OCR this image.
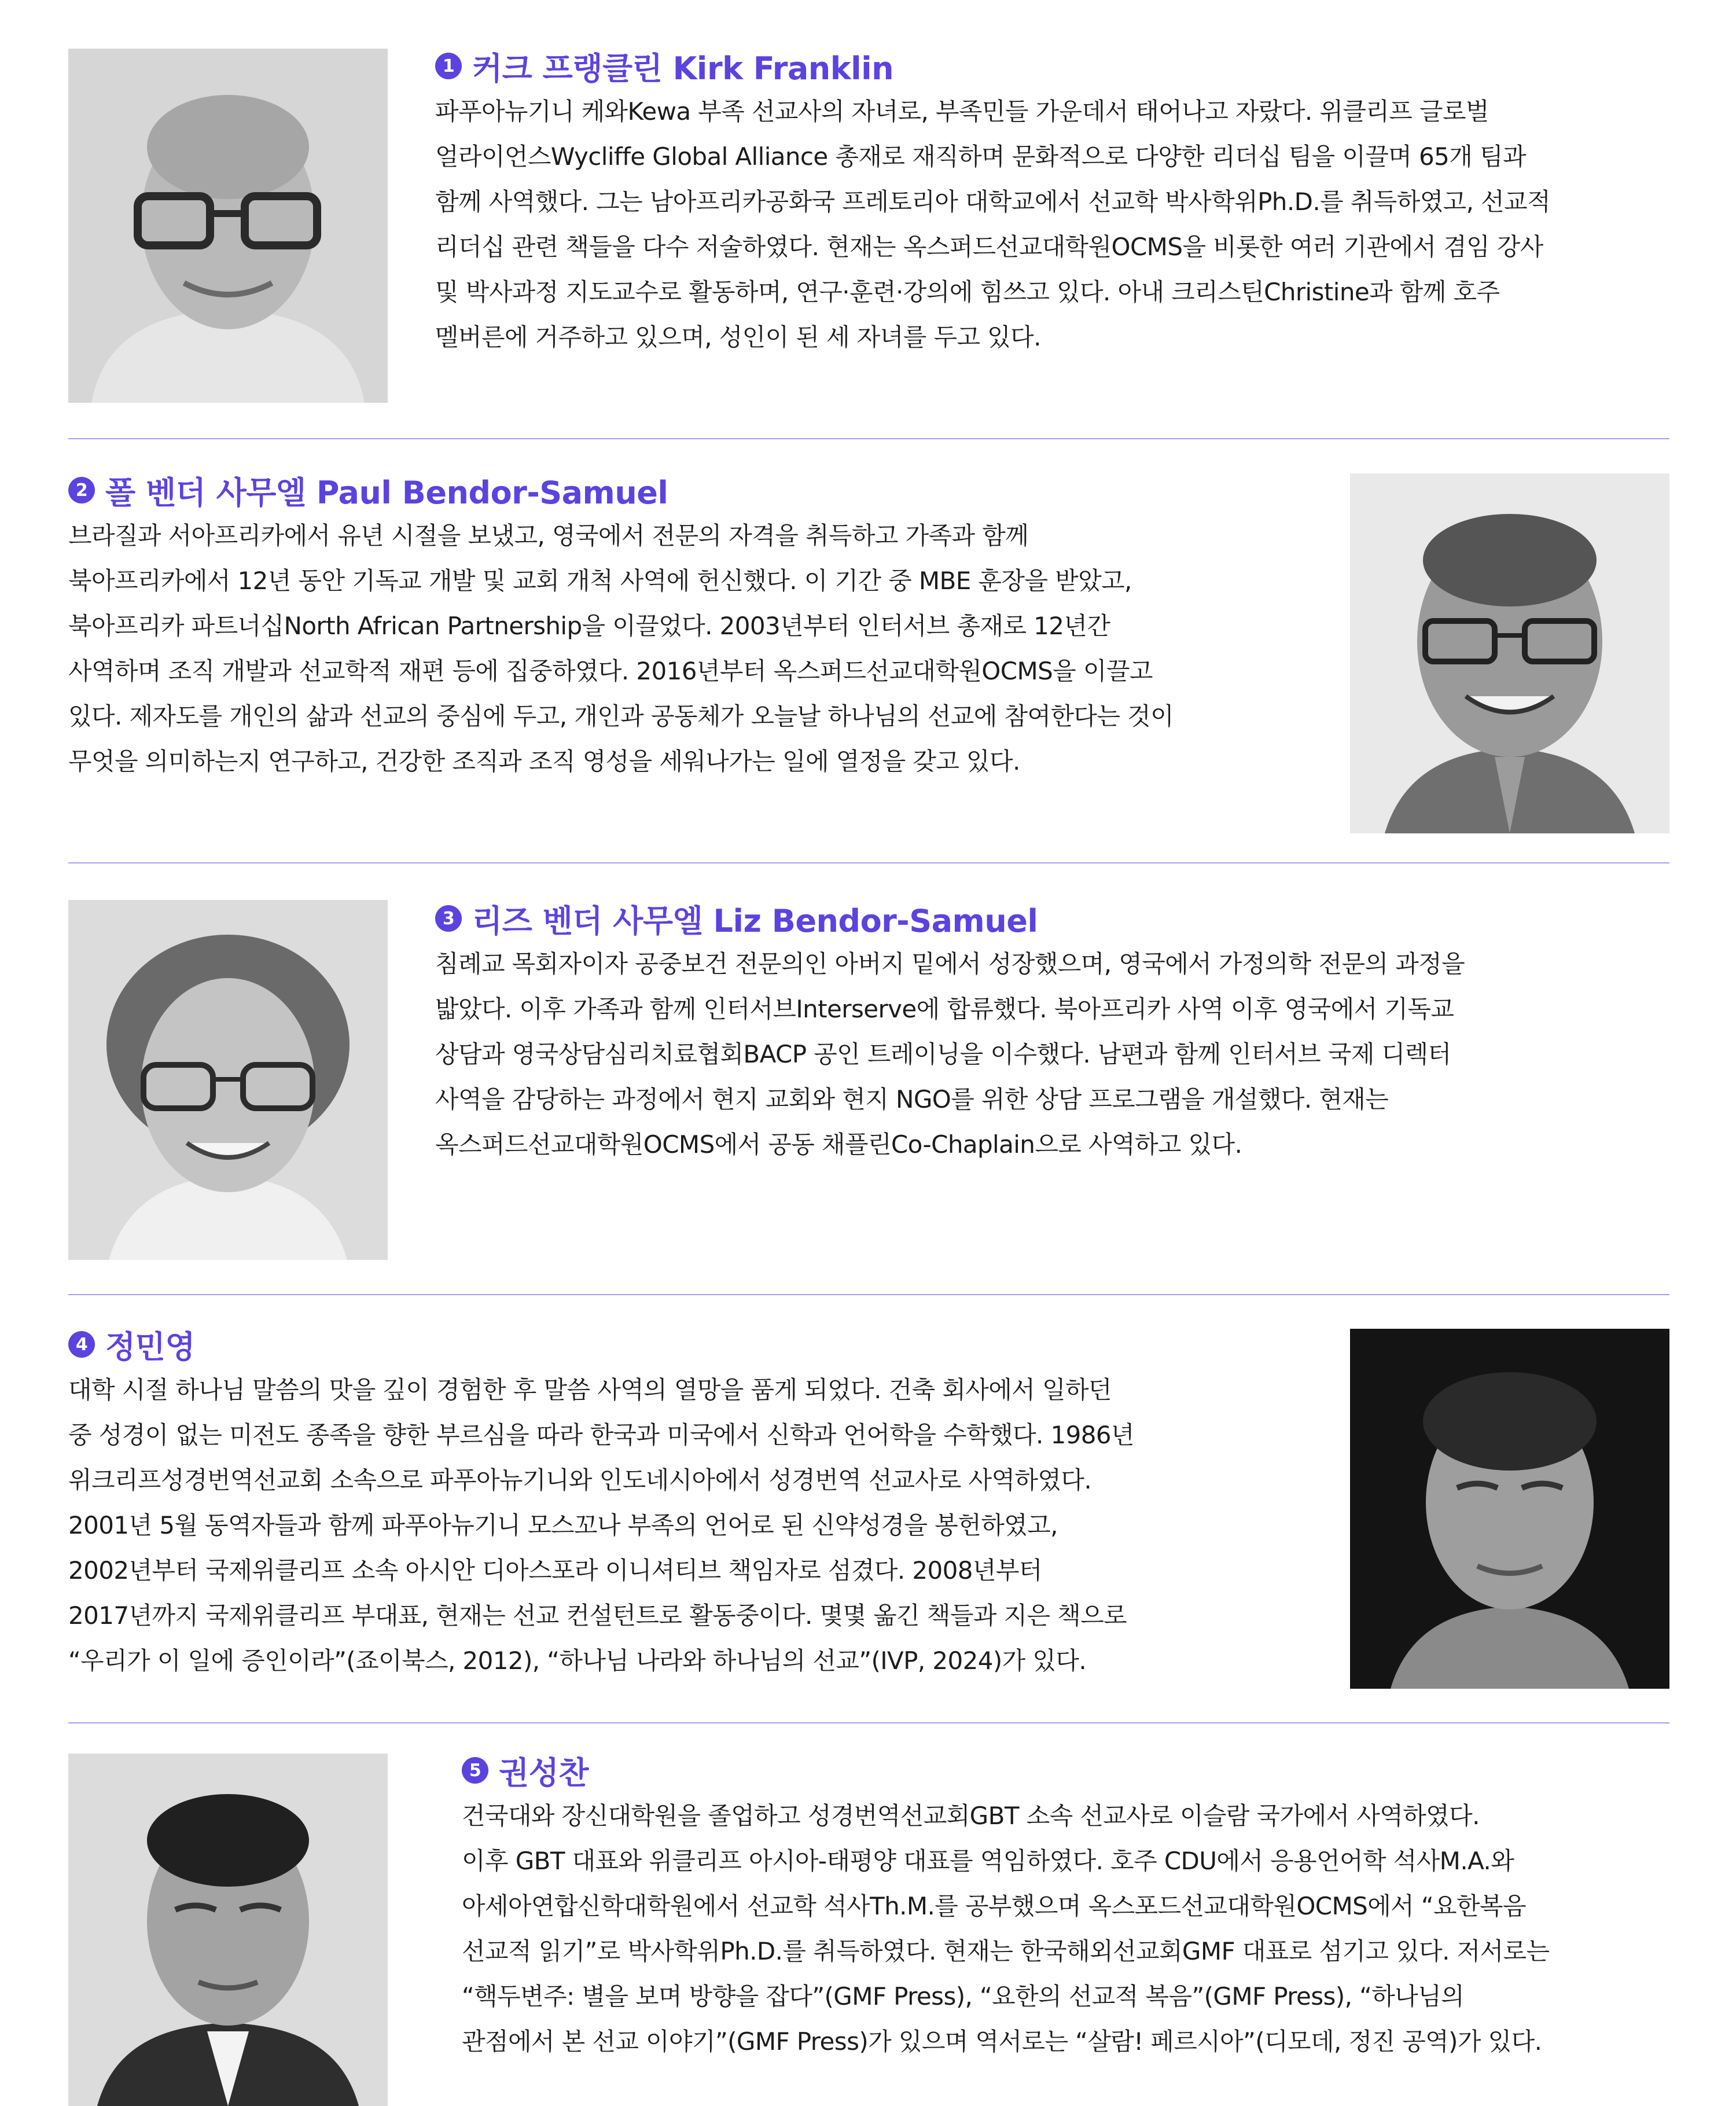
1 커크 프랭클린 Kirk Franklin
파푸아뉴기니 케와Kewa 부족 선교사의 자녀로, 부족민들 가운데서 태어나고 자랐다. 위클리프 글로벌
얼라이언스Wycliffe Global Alliance 총재로 재직하며 문화적으로 다양한 리더십 팀을 이끌며 65개 팀과
함께 사역했다. 그는 남아프리카공화국 프레토리아 대학교에서 선교학 박사학위Ph.D.를 취득하였고, 선교적
리더십 관련 책들을 다수 저술하였다. 현재는 옥스퍼드선교대학원OCMS을 비롯한 여러 기관에서 겸임 강사
및 박사과정 지도교수로 활동하며, 연구·훈련·강의에 힘쓰고 있다. 아내 크리스틴Christine과 함께 호주
멜버른에 거주하고 있으며, 성인이 된 세 자녀를 두고 있다.
2 폴 벤더 사무엘 Paul Bendor-Samuel
브라질과 서아프리카에서 유년 시절을 보냈고, 영국에서 전문의 자격을 취득하고 가족과 함께
북아프리카에서 12년 동안 기독교 개발 및 교회 개척 사역에 헌신했다. 이 기간 중 MBE 훈장을 받았고,
북아프리카 파트너십North African Partnership을 이끌었다. 2003년부터 인터서브 총재로 12년간
사역하며 조직 개발과 선교학적 재편 등에 집중하였다. 2016년부터 옥스퍼드선교대학원OCMS을 이끌고
있다. 제자도를 개인의 삶과 선교의 중심에 두고, 개인과 공동체가 오늘날 하나님의 선교에 참여한다는 것이
무엇을 의미하는지 연구하고, 건강한 조직과 조직 영성을 세워나가는 일에 열정을 갖고 있다.
3 리즈 벤더 사무엘 Liz Bendor-Samuel
침례교 목회자이자 공중보건 전문의인 아버지 밑에서 성장했으며, 영국에서 가정의학 전문의 과정을
밟았다. 이후 가족과 함께 인터서브Interserve에 합류했다. 북아프리카 사역 이후 영국에서 기독교
상담과 영국상담심리치료협회BACP 공인 트레이닝을 이수했다. 남편과 함께 인터서브 국제 디렉터
사역을 감당하는 과정에서 현지 교회와 현지 NGO를 위한 상담 프로그램을 개설했다. 현재는
옥스퍼드선교대학원OCMS에서 공동 채플린Co-Chaplain으로 사역하고 있다.
4 정민영
대학 시절 하나님 말씀의 맛을 깊이 경험한 후 말씀 사역의 열망을 품게 되었다. 건축 회사에서 일하던
중 성경이 없는 미전도 종족을 향한 부르심을 따라 한국과 미국에서 신학과 언어학을 수학했다. 1986년
위크리프성경번역선교회 소속으로 파푸아뉴기니와 인도네시아에서 성경번역 선교사로 사역하였다.
2001년 5월 동역자들과 함께 파푸아뉴기니 모스꼬나 부족의 언어로 된 신약성경을 봉헌하였고,
2002년부터 국제위클리프 소속 아시안 디아스포라 이니셔티브 책임자로 섬겼다. 2008년부터
2017년까지 국제위클리프 부대표, 현재는 선교 컨설턴트로 활동중이다. 몇몇 옮긴 책들과 지은 책으로
“우리가 이 일에 증인이라”(죠이북스, 2012), “하나님 나라와 하나님의 선교”(IVP, 2024)가 있다.
5 권성찬
건국대와 장신대학원을 졸업하고 성경번역선교회GBT 소속 선교사로 이슬람 국가에서 사역하였다.
이후 GBT 대표와 위클리프 아시아-태평양 대표를 역임하였다. 호주 CDU에서 응용언어학 석사M.A.와
아세아연합신학대학원에서 선교학 석사Th.M.를 공부했으며 옥스포드선교대학원OCMS에서 “요한복음
선교적 읽기”로 박사학위Ph.D.를 취득하였다. 현재는 한국해외선교회GMF 대표로 섬기고 있다. 저서로는
“핵두변주: 별을 보며 방향을 잡다”(GMF Press), “요한의 선교적 복음”(GMF Press), “하나님의
관점에서 본 선교 이야기”(GMF Press)가 있으며 역서로는 “살람! 페르시아”(디모데, 정진 공역)가 있다.
